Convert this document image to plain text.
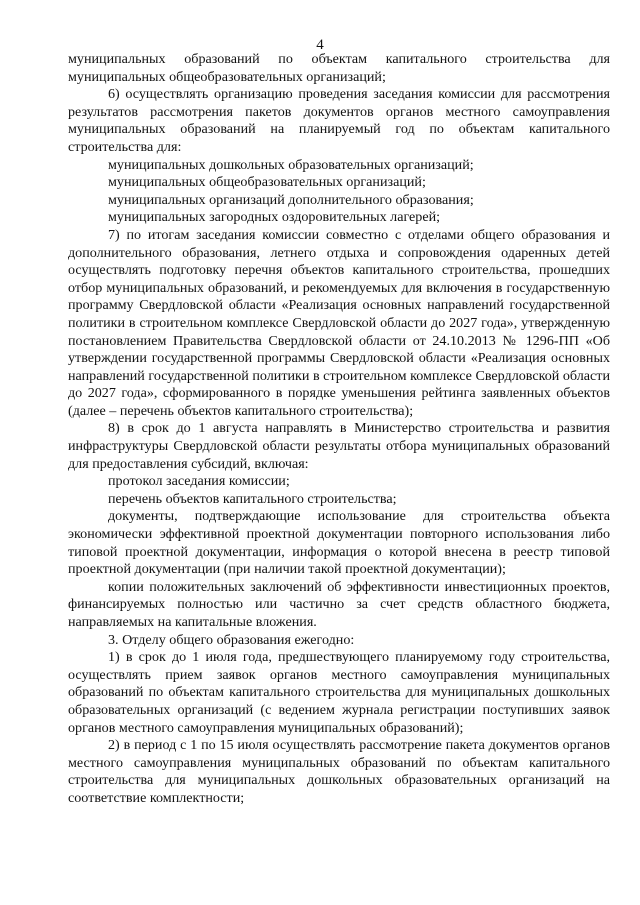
4

муниципальных образований по объектам капитального строительства для муниципальных общеобразовательных организаций;

6) осуществлять организацию проведения заседания комиссии для рассмотрения результатов рассмотрения пакетов документов органов местного самоуправления муниципальных образований на планируемый год по объектам капитального строительства для:

муниципальных дошкольных образовательных организаций;

муниципальных общеобразовательных организаций;

муниципальных организаций дополнительного образования;

муниципальных загородных оздоровительных лагерей;

7) по итогам заседания комиссии совместно с отделами общего образования и дополнительного образования, летнего отдыха и сопровождения одаренных детей осуществлять подготовку перечня объектов капитального строительства, прошедших отбор муниципальных образований, и рекомендуемых для включения в государственную программу Свердловской области «Реализация основных направлений государственной политики в строительном комплексе Свердловской области до 2027 года», утвержденную постановлением Правительства Свердловской области от 24.10.2013 № 1296-ПП «Об утверждении государственной программы Свердловской области «Реализация основных направлений государственной политики в строительном комплексе Свердловской области до 2027 года», сформированного в порядке уменьшения рейтинга заявленных объектов (далее – перечень объектов капитального строительства);

8) в срок до 1 августа направлять в Министерство строительства и развития инфраструктуры Свердловской области результаты отбора муниципальных образований для предоставления субсидий, включая:

протокол заседания комиссии;

перечень объектов капитального строительства;

документы, подтверждающие использование для строительства объекта экономически эффективной проектной документации повторного использования либо типовой проектной документации, информация о которой внесена в реестр типовой проектной документации (при наличии такой проектной документации);

копии положительных заключений об эффективности инвестиционных проектов, финансируемых полностью или частично за счет средств областного бюджета, направляемых на капитальные вложения.

3. Отделу общего образования ежегодно:

1) в срок до 1 июля года, предшествующего планируемому году строительства, осуществлять прием заявок органов местного самоуправления муниципальных образований по объектам капитального строительства для муниципальных дошкольных образовательных организаций (с ведением журнала регистрации поступивших заявок органов местного самоуправления муниципальных образований);

2) в период с 1 по 15 июля осуществлять рассмотрение пакета документов органов местного самоуправления муниципальных образований по объектам капитального строительства для муниципальных дошкольных образовательных организаций на соответствие комплектности;
